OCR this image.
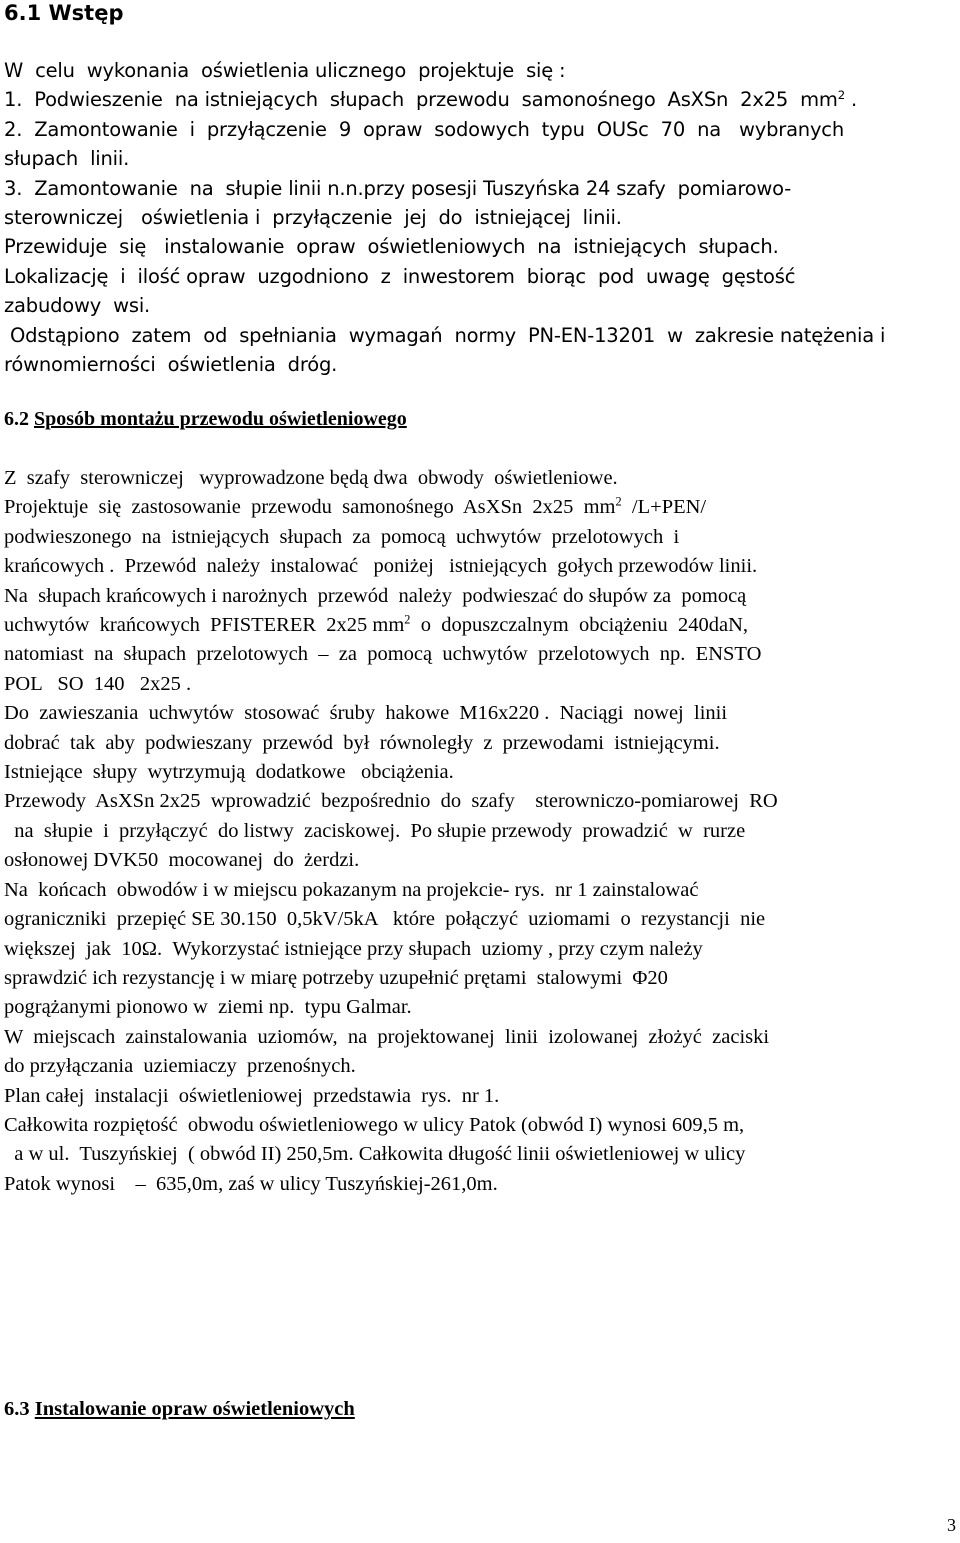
6.1 Wstęp

W  celu  wykonania  oświetlenia ulicznego  projektuje  się :

1.  Podwieszenie  na istniejących  słupach  przewodu  samonośnego  AsXSn  2x25  $mm^2$ .

2.  Zamontowanie  i  przyłączenie  9  opraw  sodowych  typu  OUSc  70  na   wybranych

słupach  linii.

3.  Zamontowanie  na  słupie linii n.n.przy posesji Tuszyńska 24 szafy  pomiarowo-

sterowniczej   oświetlenia i  przyłączenie  jej  do  istniejącej  linii.

Przewiduje  się   instalowanie  opraw  oświetleniowych  na  istniejących  słupach.

Lokalizację  i  ilość opraw  uzgodniono  z  inwestorem  biorąc  pod  uwagę  gęstość

zabudowy  wsi.

Odstąpiono  zatem  od  spełniania  wymagań  normy  PN-EN-13201  w  zakresie natężenia i

równomierności  oświetlenia  dróg.

6.2 Sposób montażu przewodu oświetleniowego

Z  szafy  sterowniczej   wyprowadzone będą dwa  obwody  oświetleniowe.

Projektuje  się  zastosowanie  przewodu  samonośnego  AsXSn  2x25  $mm^2$  /L+PEN/

podwieszonego  na  istniejących  słupach  za  pomocą  uchwytów  przelotowych  i

krańcowych .  Przewód  należy  instalować   poniżej   istniejących  gołych przewodów linii.

Na  słupach krańcowych i narożnych  przewód  należy  podwieszać do słupów za  pomocą

uchwytów  krańcowych  PFISTERER  2x25 $mm^2$  o  dopuszczalnym  obciążeniu  240daN,

natomiast  na  słupach  przelotowych  –  za  pomocą  uchwytów  przelotowych  np.  ENSTO

POL   SO  140   2x25 .

Do  zawieszania  uchwytów  stosować  śruby  hakowe  M16x220 .  Naciągi  nowej  linii

dobrać  tak  aby  podwieszany  przewód  był  równoległy  z  przewodami  istniejącymi.

Istniejące  słupy  wytrzymują  dodatkowe   obciążenia.

Przewody  AsXSn 2x25  wprowadzić  bezpośrednio  do  szafy    sterowniczo-pomiarowej  RO

na  słupie  i  przyłączyć  do listwy  zaciskowej.  Po słupie przewody  prowadzić  w  rurze

osłonowej DVK50  mocowanej  do  żerdzi.

Na  końcach  obwodów i w miejscu pokazanym na projekcie- rys.  nr 1 zainstalować

ograniczniki  przepięć SE 30.150  0,5kV/5kA   które  połączyć  uziomami  o  rezystancji  nie

większej  jak  10Ω.  Wykorzystać istniejące przy słupach  uziomy , przy czym należy

sprawdzić ich rezystancję i w miarę potrzeby uzupełnić prętami  stalowymi  Φ20

pogrążanymi pionowo w  ziemi np.  typu Galmar.

W  miejscach  zainstalowania  uziomów,  na  projektowanej  linii  izolowanej  złożyć  zaciski

do przyłączania  uziemiaczy  przenośnych.

Plan całej  instalacji  oświetleniowej  przedstawia  rys.  nr 1.

Całkowita rozpiętość  obwodu oświetleniowego w ulicy Patok (obwód I) wynosi 609,5 m,

a w ul.  Tuszyńskiej  ( obwód II) 250,5m. Całkowita długość linii oświetleniowej w ulicy

Patok wynosi    –  635,0m, zaś w ulicy Tuszyńskiej-261,0m.

6.3 Instalowanie opraw oświetleniowych
3
